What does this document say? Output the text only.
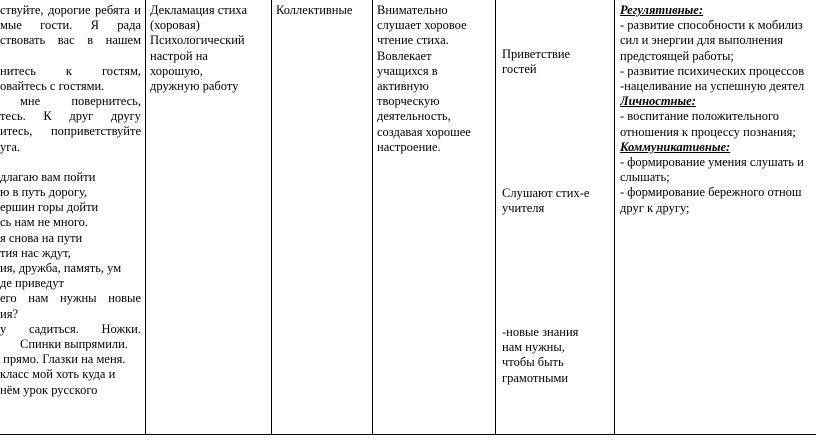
ствуйте, дорогие ребята и
мые гости. Я рада
ствовать вас в нашем
нитесь к гостям,
овайтесь с гостями.
мне повернитесь,
тесь. К друг другу
итесь, поприветствуйте
уга.
длагаю вам пойти
ю в путь дорогу,
ершин горы дойти
сь нам не много.
я снова на пути
тия нас ждут,
ия, дружба, память, ум
де приведут
его нам нужны новые
ия?
у садиться. Ножки.
Спинки выпрямили.
прямо. Глазки на меня.
класс мой хоть куда и
нём урок русского
Декламация стиха
(хоровая)
Психологический
настрой на
хорошую,
дружную работу
Коллективные	Внимательно
слушает хоровое
чтение стиха.
Вовлекает
учащихся в
активную
творческую
деятельность,
создавая хорошее
настроение.
Приветствие
гостей
Слушают стих-е
учителя
-новые знания
нам нужны,
чтобы быть
грамотными
Регулятивные:
- развитие способности к мобилиз
сил и энергии для выполнения
предстоящей работы;
- развитие психических процессов
-нацеливание на успешную деятел
Личностные:
- воспитание положительного
отношения к процессу познания;
Коммуникативные:
- формирование умения слушать и
слышать;
- формирование бережного отнош
друг к другу;
